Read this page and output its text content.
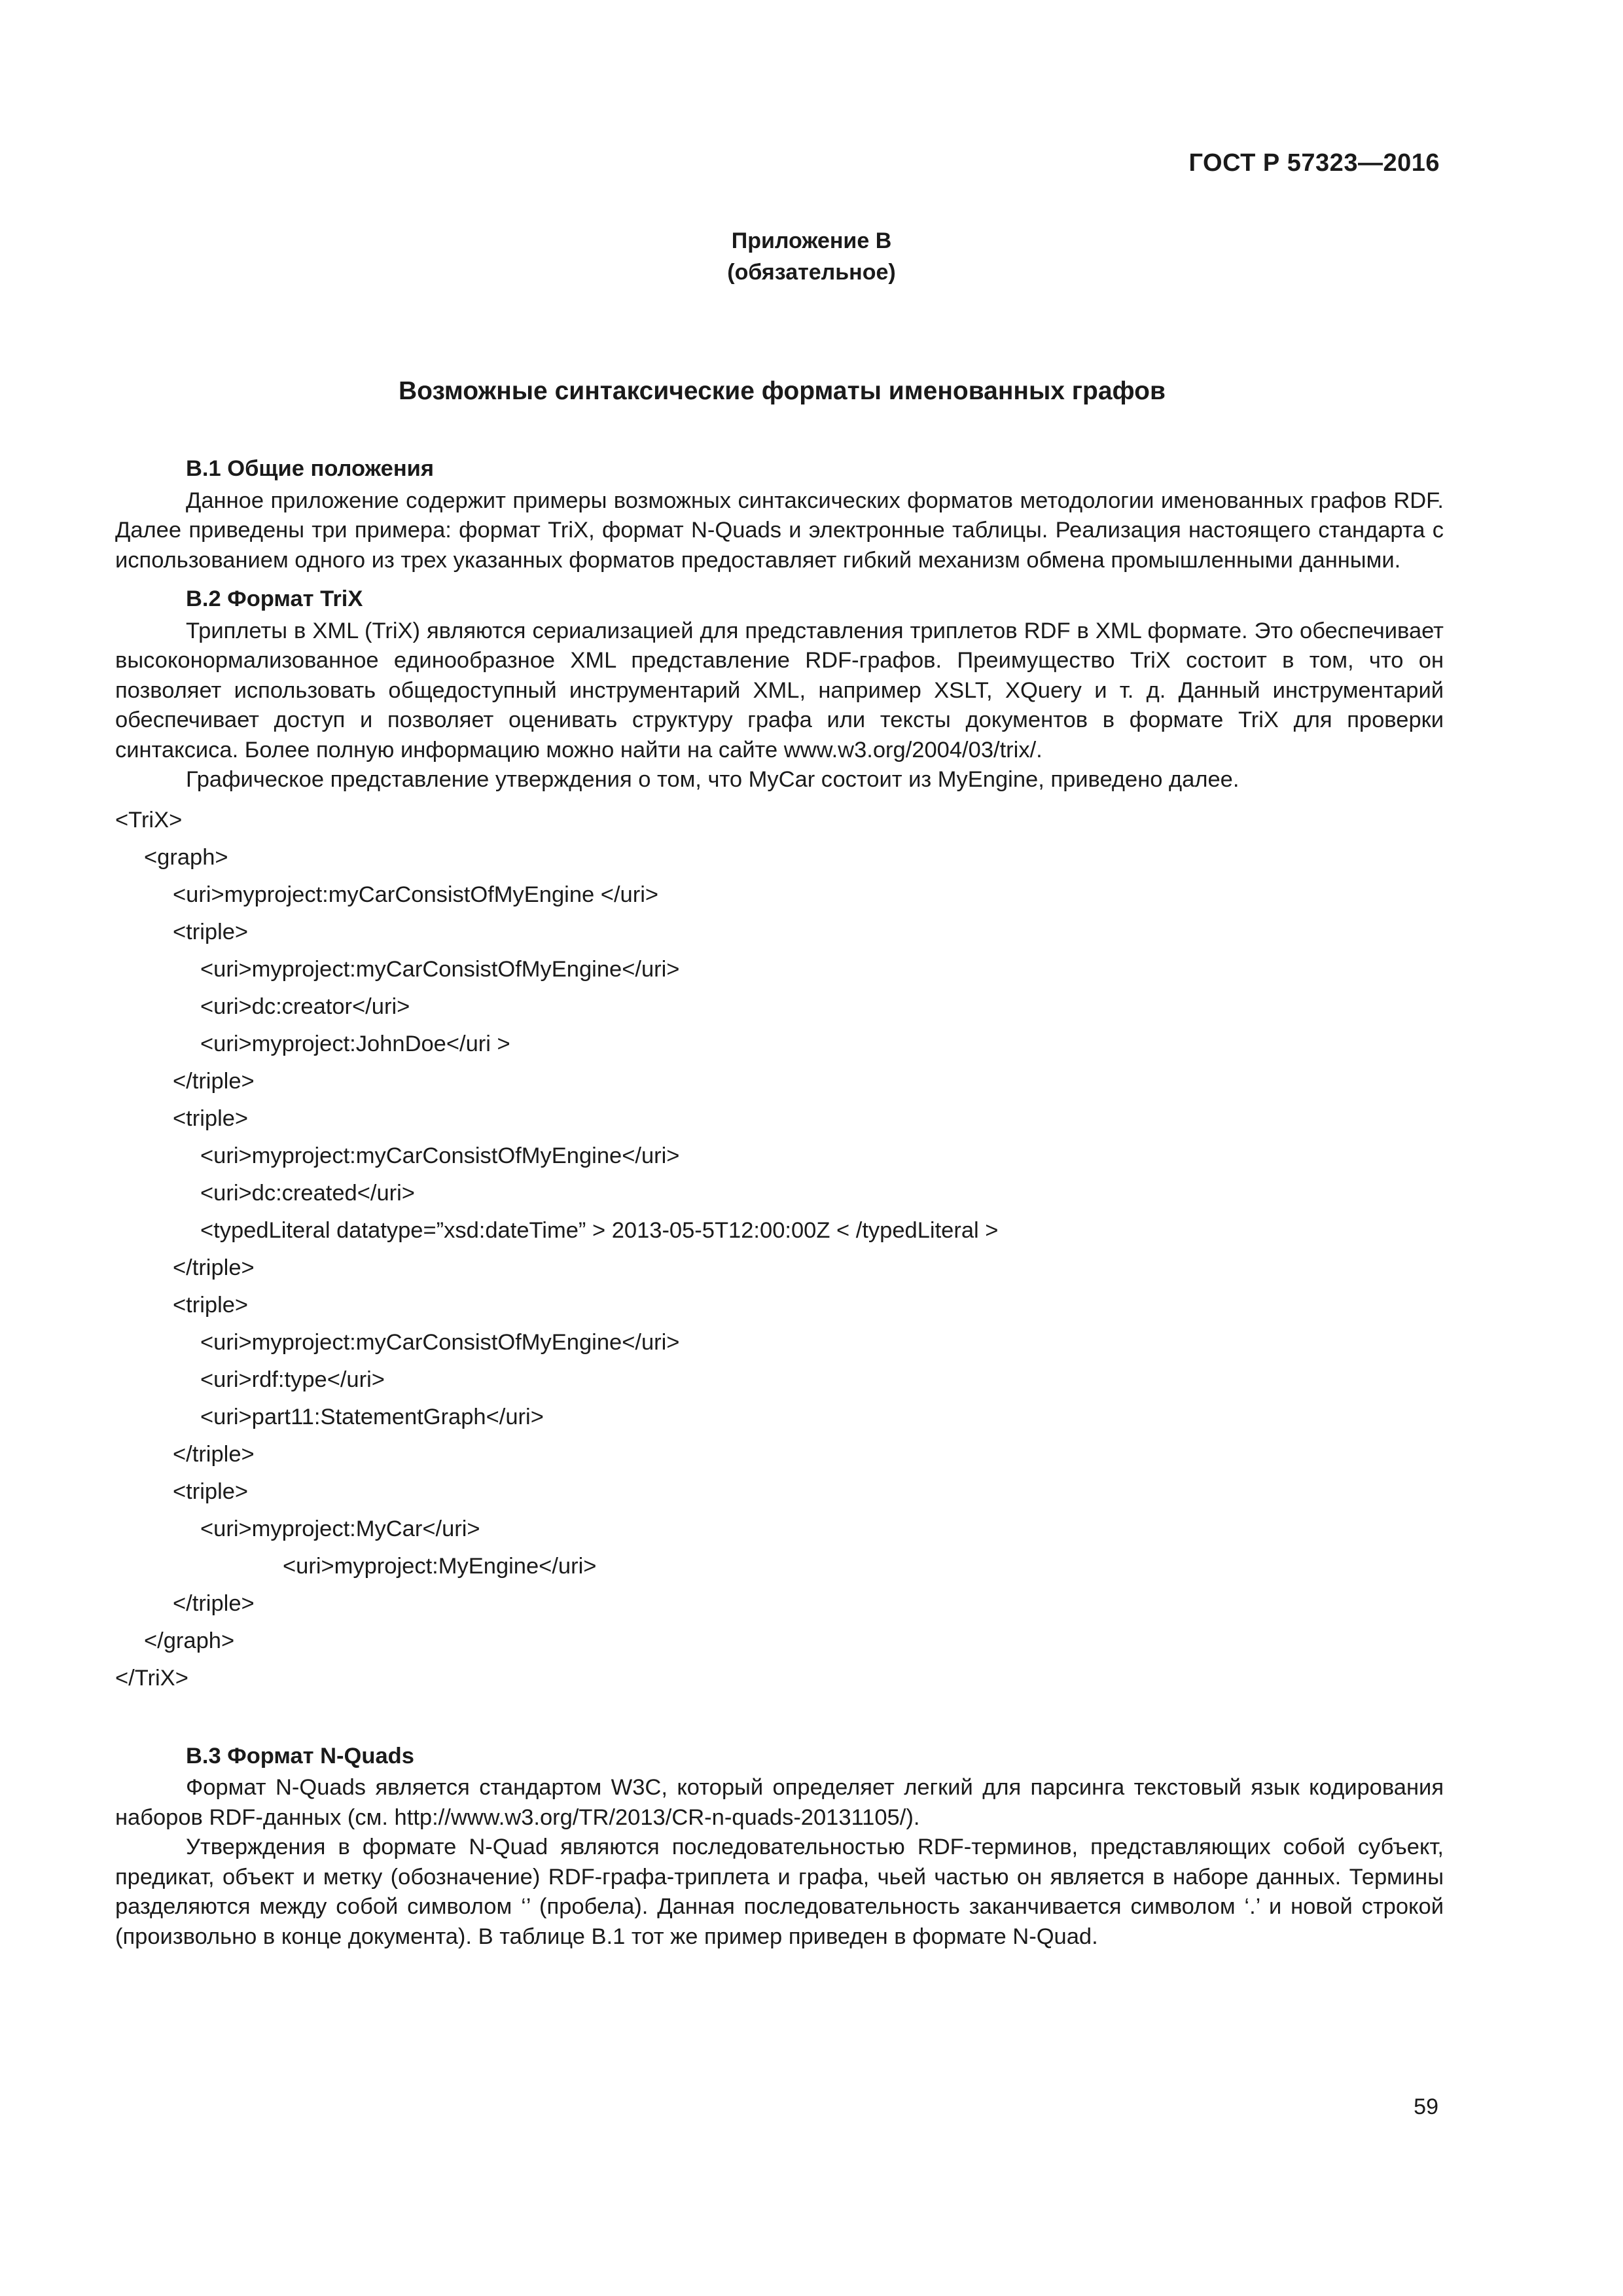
ГОСТ Р 57323—2016
Приложение В
(обязательное)
Возможные синтаксические форматы именованных графов
В.1 Общие положения

Данное приложение содержит примеры возможных синтаксических форматов методологии именованных графов RDF. Далее приведены три примера: формат TriX, формат N-Quads и электронные таблицы. Реализация настоящего стандарта с использованием одного из трех указанных форматов предоставляет гибкий механизм обмена промышленными данными.

В.2 Формат TriX

Триплеты в XML (TriX) являются сериализацией для представления триплетов RDF в XML формате. Это обеспечивает высоконормализованное единообразное XML представление RDF-графов. Преимущество TriX состоит в том, что он позволяет использовать общедоступный инструментарий XML, например XSLT, XQuery и т. д. Данный инструментарий обеспечивает доступ и позволяет оценивать структуру графа или тексты документов в формате TriX для проверки синтаксиса. Более полную информацию можно найти на сайте www.w3.org/2004/03/trix/.

Графическое представление утверждения о том, что MyCar состоит из MyEngine, приведено далее.

<TriX>
<graph>
<uri>myproject:myCarConsistOfMyEngine </uri>
<triple>
<uri>myproject:myCarConsistOfMyEngine</uri>
<uri>dc:creator</uri>
<uri>myproject:JohnDoe</uri >
</triple>
<triple>
<uri>myproject:myCarConsistOfMyEngine</uri>
<uri>dc:created</uri>
<typedLiteral datatype=”xsd:dateTime” > 2013-05-5T12:00:00Z < /typedLiteral >
</triple>
<triple>
<uri>myproject:myCarConsistOfMyEngine</uri>
<uri>rdf:type</uri>
<uri>part11:StatementGraph</uri>
</triple>
<triple>
<uri>myproject:MyCar</uri>
<uri>myproject:MyEngine</uri>
</triple>
</graph>
</TriX>
В.3 Формат N-Quads

Формат N-Quads является стандартом W3C, который определяет легкий для парсинга текстовый язык кодирования наборов RDF-данных (см. http://www.w3.org/TR/2013/CR-n-quads-20131105/).

Утверждения в формате N-Quad являются последовательностью RDF-терминов, представляющих собой субъект, предикат, объект и метку (обозначение) RDF-графа-триплета и графа, чьей частью он является в наборе данных. Термины разделяются между собой символом ‘’ (пробела). Данная последовательность заканчивается символом ‘.’ и новой строкой (произвольно в конце документа). В таблице В.1 тот же пример приведен в формате N-Quad.

59
